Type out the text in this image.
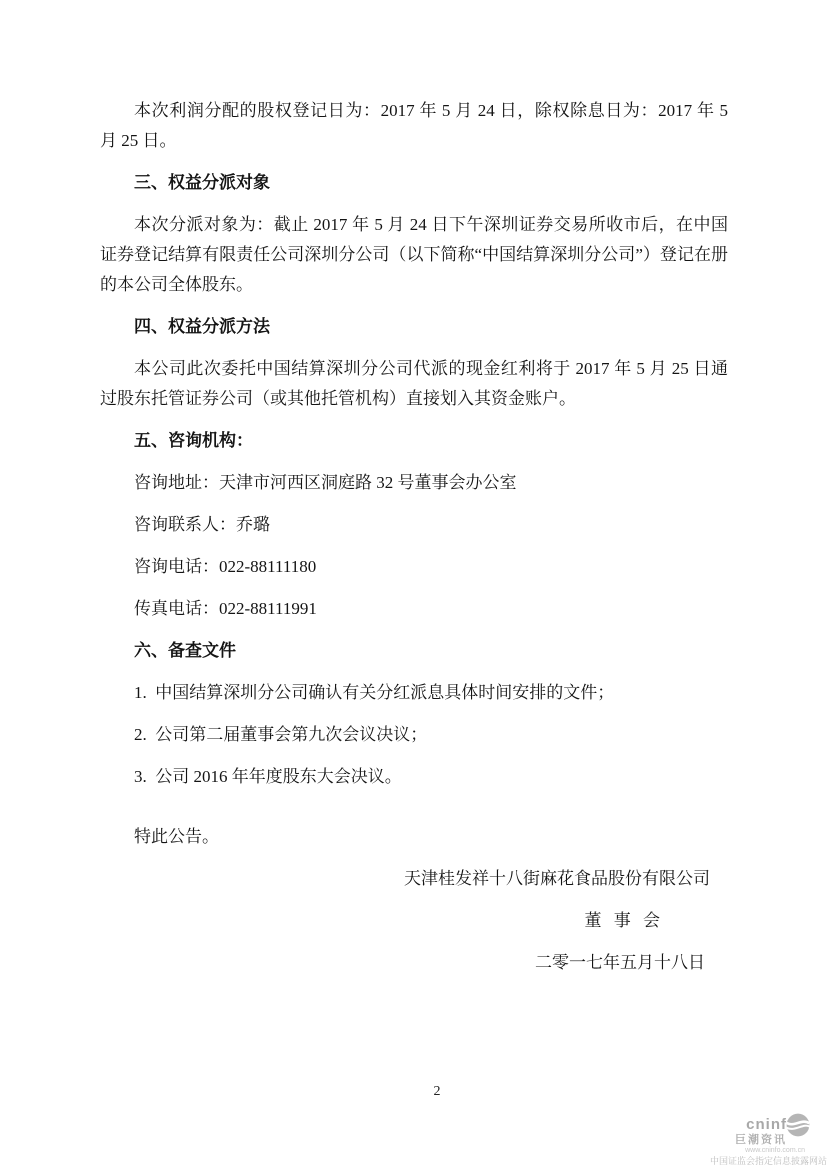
本次利润分配的股权登记日为：2017 年 5 月 24 日，除权除息日为：2017 年 5 月 25 日。

三、权益分派对象

本次分派对象为：截止 2017 年 5 月 24 日下午深圳证券交易所收市后，在中国证券登记结算有限责任公司深圳分公司（以下简称“中国结算深圳分公司”）登记在册的本公司全体股东。

四、权益分派方法

本公司此次委托中国结算深圳分公司代派的现金红利将于 2017 年 5 月 25 日通过股东托管证券公司（或其他托管机构）直接划入其资金账户。

五、咨询机构：

咨询地址：天津市河西区洞庭路 32 号董事会办公室

咨询联系人：乔璐

咨询电话：022-88111180

传真电话：022-88111991

六、备查文件

1.  中国结算深圳分公司确认有关分红派息具体时间安排的文件；

2.  公司第二届董事会第九次会议决议；

3.  公司 2016 年年度股东大会决议。

特此公告。

天津桂发祥十八街麻花食品股份有限公司

董 事 会

二零一七年五月十八日

2
cninf
巨潮资讯
www.cninfo.com.cn
中国证监会指定信息披露网站
